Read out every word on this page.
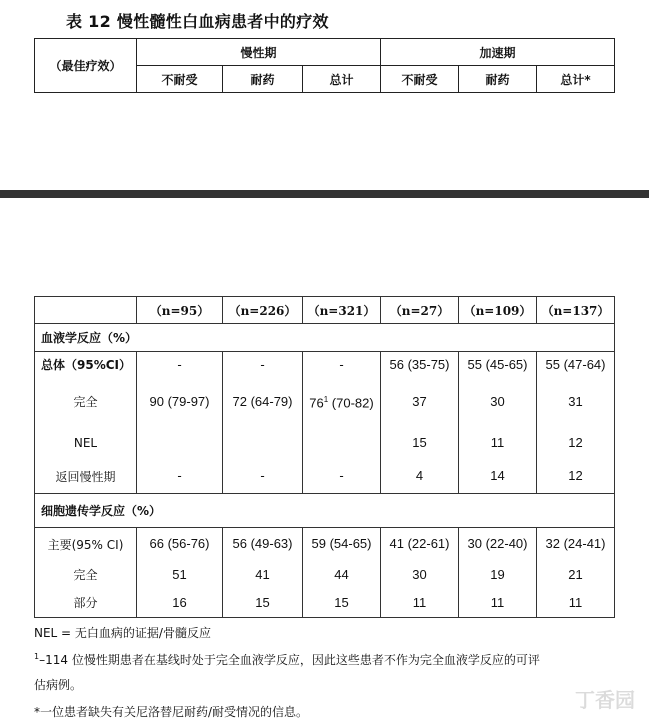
表 12 慢性髓性白血病患者中的疗效
（最佳疗效）	慢性期			加速期		
	不耐受	耐药	总计	不耐受	耐药	总计*
	（n=95）	（n=226）	（n=321）	（n=27）	（n=109）	（n=137）
血液学反应（%）						
总体（95%CI）	-	-	-	56 (35-75)	55 (45-65)	55 (47-64)
完全	90 (79-97)	72 (64-79)	$76^1$ (70-82)	37	30	31
NEL				15	11	12
返回慢性期	-	-	-	4	14	12
细胞遗传学反应（%）						
主要(95% CI)	66 (56-76)	56 (49-63)	59 (54-65)	41 (22-61)	30 (22-40)	32 (24-41)
完全	51	41	44	30	19	21
部分	16	15	15	11	11	11
NEL = 无白血病的证据/骨髓反应
$^1$–114 位慢性期患者在基线时处于完全血液学反应，因此这些患者不作为完全血液学反应的可评
估病例。
*一位患者缺失有关尼洛替尼耐药/耐受情况的信息。	丁香园
